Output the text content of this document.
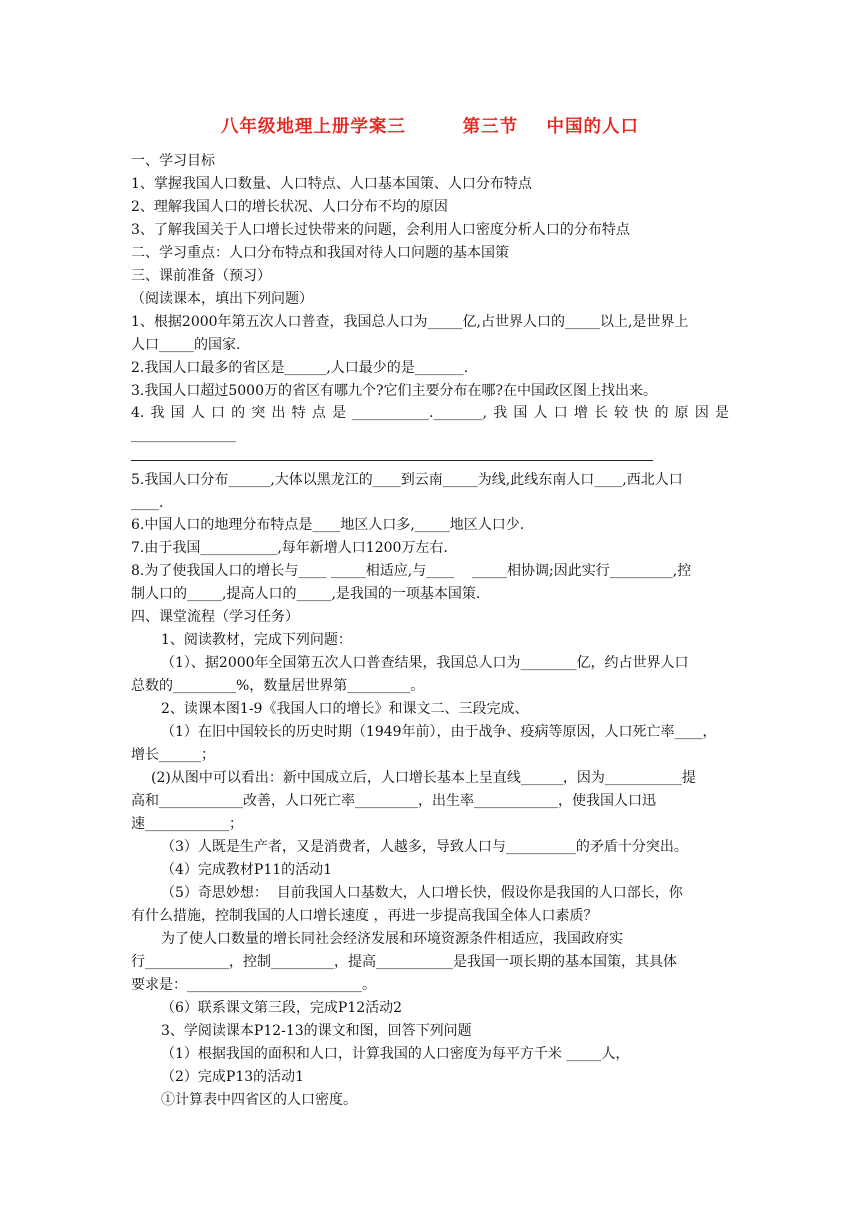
八年级地理上册学案三        第三节    中国的人口
一、学习目标
1、掌握我国人口数量、人口特点、人口基本国策、人口分布特点
2、理解我国人口的增长状况、人口分布不均的原因
3、了解我国关于人口增长过快带来的问题，会利用人口密度分析人口的分布特点
二、学习重点：人口分布特点和我国对待人口问题的基本国策
三、课前准备（预习）
（阅读课本，填出下列问题）
1、根据2000年第五次人口普查，我国总人口为_____亿,占世界人口的_____以上,是世界上
人口_____的国家.
2.我国人口最多的省区是______,人口最少的是_______.
3.我国人口超过5000万的省区有哪九个?它们主要分布在哪?在中国政区图上找出来。
4.我国人口的突出特点是___________._______,我国人口增长较快的原因是
_______________
5.我国人口分布______,大体以黑龙江的____到云南_____为线,此线东南人口____,西北人口
____.
6.中国人口的地理分布特点是____地区人口多,_____地区人口少.
7.由于我国___________,每年新增人口1200万左右.
8.为了使我国人口的增长与____ _____相适应,与____    _____相协调;因此实行_________,控
制人口的_____,提高人口的_____,是我国的一项基本国策.
四、课堂流程（学习任务）
1、阅读教材，完成下列问题：
（1）、据2000年全国第五次人口普查结果，我国总人口为________亿，约占世界人口
总数的_________%，数量居世界第_________。
2、读课本图1-9《我国人口的增长》和课文二、三段完成、
（1）在旧中国较长的历史时期（1949年前），由于战争、疫病等原因，人口死亡率____，
增长______；
(2)从图中可以看出：新中国成立后，人口增长基本上呈直线______，因为___________提
高和____________改善，人口死亡率_________，出生率____________，使我国人口迅
速____________；
（3）人既是生产者，又是消费者，人越多，导致人口与__________的矛盾十分突出。
（4）完成教材P11的活动1
（5）奇思妙想：  目前我国人口基数大，人口增长快，假设你是我国的人口部长，你
有什么措施，控制我国的人口增长速度 ，再进一步提高我国全体人口素质？
为了使人口数量的增长同社会经济发展和环境资源条件相适应，我国政府实
行____________，控制_________，提高___________是我国一项长期的基本国策，其具体
要求是：_________________________。
（6）联系课文第三段，完成P12活动2
3、学阅读课本P12-13的课文和图，回答下列问题
（1）根据我国的面积和人口，计算我国的人口密度为每平方千米 _____人，
（2）完成P13的活动1
①计算表中四省区的人口密度。
